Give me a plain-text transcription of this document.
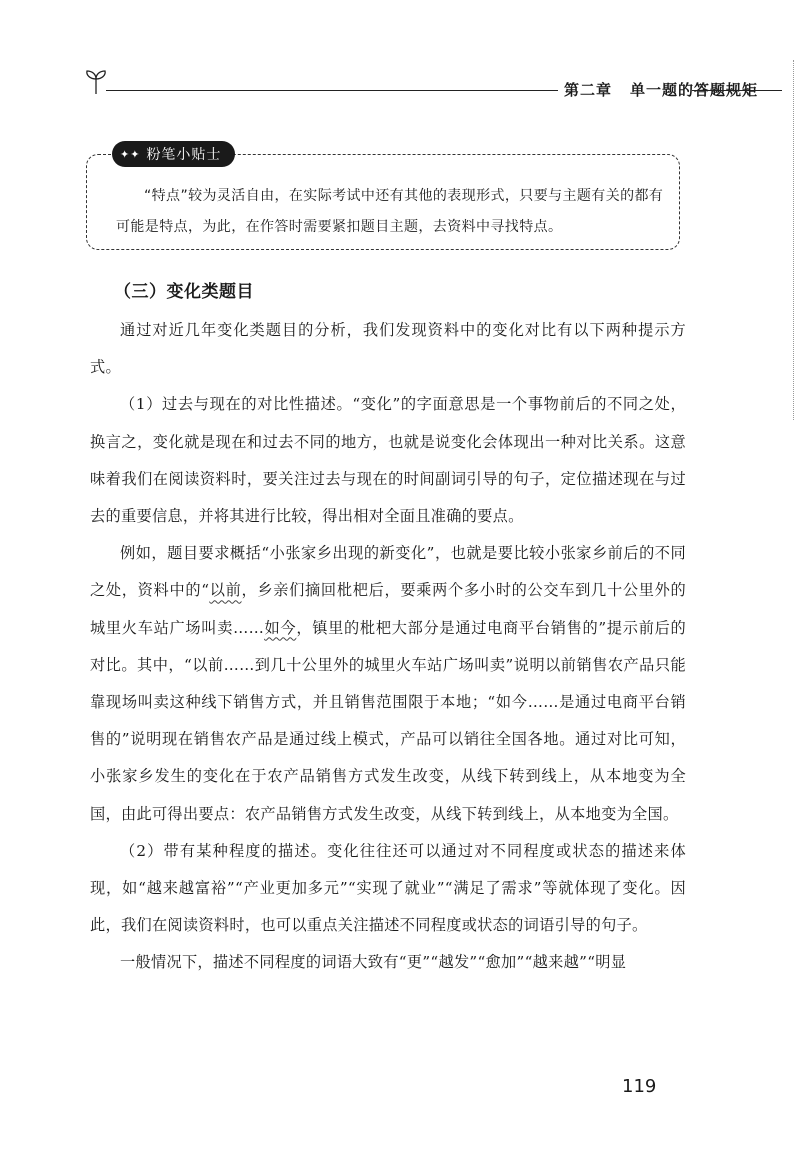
第二章 单一题的答题规矩
✦✦ 粉笔小贴士
“特点”较为灵活自由，在实际考试中还有其他的表现形式，只要与主题有关的都有可能是特点，为此，在作答时需要紧扣题目主题，去资料中寻找特点。
（三）变化类题目

通过对近几年变化类题目的分析，我们发现资料中的变化对比有以下两种提示方式。

（1）过去与现在的对比性描述。“变化”的字面意思是一个事物前后的不同之处，换言之，变化就是现在和过去不同的地方，也就是说变化会体现出一种对比关系。这意味着我们在阅读资料时，要关注过去与现在的时间副词引导的句子，定位描述现在与过去的重要信息，并将其进行比较，得出相对全面且准确的要点。

例如，题目要求概括“小张家乡出现的新变化”，也就是要比较小张家乡前后的不同之处，资料中的“以前，乡亲们摘回枇杷后，要乘两个多小时的公交车到几十公里外的城里火车站广场叫卖……如今，镇里的枇杷大部分是通过电商平台销售的”提示前后的对比。其中，“以前……到几十公里外的城里火车站广场叫卖”说明以前销售农产品只能靠现场叫卖这种线下销售方式，并且销售范围限于本地；“如今……是通过电商平台销售的”说明现在销售农产品是通过线上模式，产品可以销往全国各地。通过对比可知，小张家乡发生的变化在于农产品销售方式发生改变，从线下转到线上，从本地变为全国，由此可得出要点：农产品销售方式发生改变，从线下转到线上，从本地变为全国。

（2）带有某种程度的描述。变化往往还可以通过对不同程度或状态的描述来体现，如“越来越富裕”“产业更加多元”“实现了就业”“满足了需求”等就体现了变化。因此，我们在阅读资料时，也可以重点关注描述不同程度或状态的词语引导的句子。

一般情况下，描述不同程度的词语大致有“更”“越发”“愈加”“越来越”“明显

119
